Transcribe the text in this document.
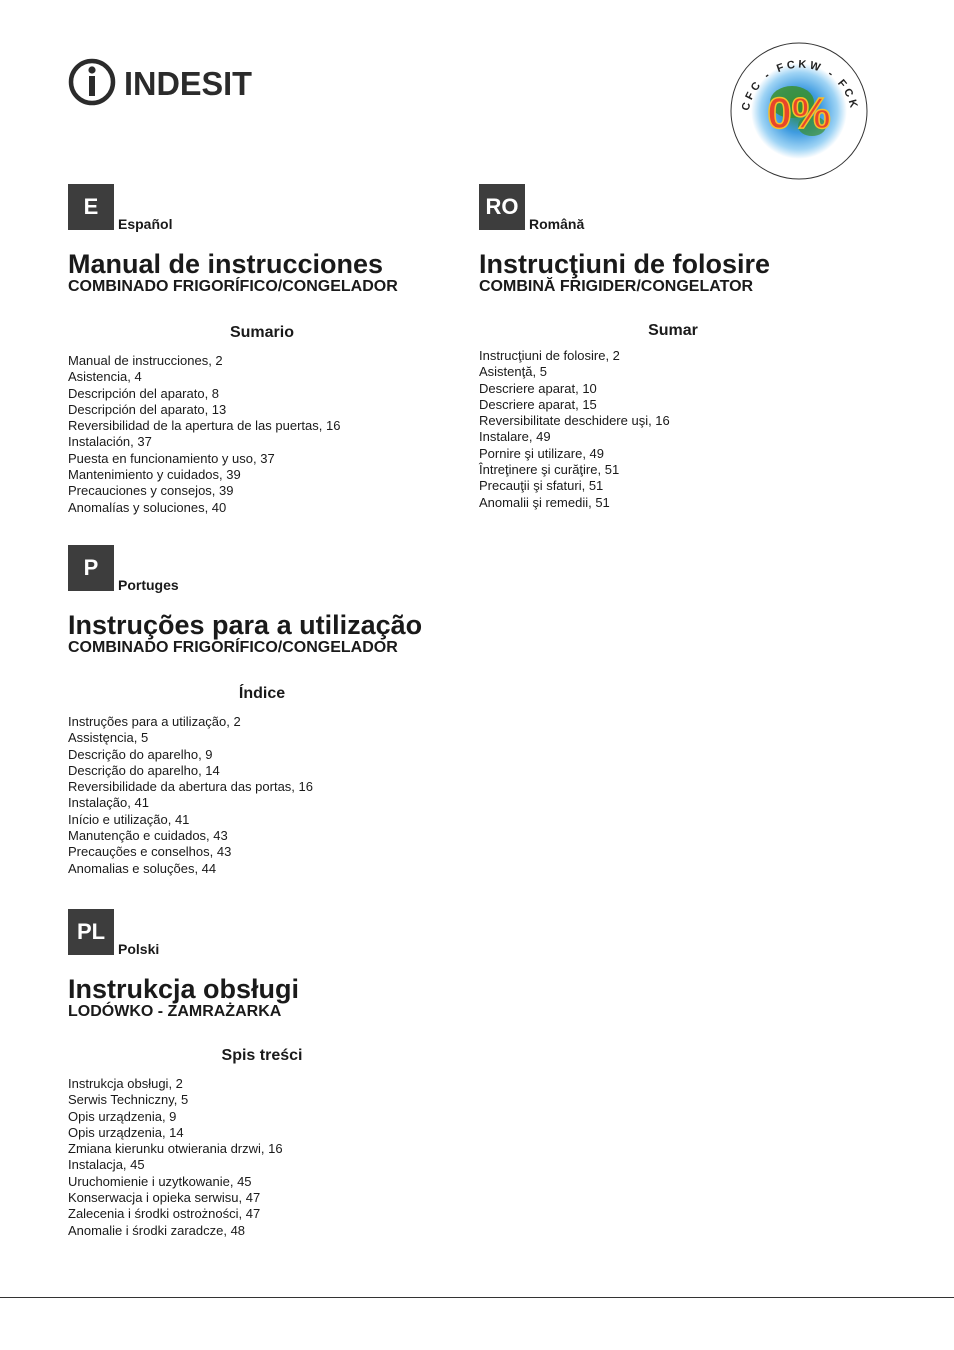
INDESIT
CFC - FCKW - FCK
0%
E
Español
Manual de instrucciones
COMBINADO FRIGORÍFICO/CONGELADOR
Sumario
Manual de instrucciones, 2
Asistencia, 4
Descripción del aparato, 8
Descripción del aparato, 13
Reversibilidad de la apertura de las puertas, 16
Instalación, 37
Puesta en funcionamiento y uso, 37
Mantenimiento y cuidados, 39
Precauciones y consejos, 39
Anomalías y soluciones, 40
RO
Română
Instrucţiuni de folosire
COMBINĂ FRIGIDER/CONGELATOR
Sumar
Instrucţiuni de folosire, 2
Asistenţă, 5
Descriere aparat, 10
Descriere aparat, 15
Reversibilitate deschidere uşi, 16
Instalare, 49
Pornire şi utilizare, 49
Întreţinere şi curăţire, 51
Precauţii şi sfaturi, 51
Anomalii şi remedii, 51
P
Portuges
Instruções para a utilização
COMBINADO FRIGORÍFICO/CONGELADOR
Índice
Instruções para a utilização, 2
Assistęncia, 5
Descrição do aparelho, 9
Descrição do aparelho, 14
Reversibilidade da abertura das portas, 16
Instalação, 41
Início e utilização, 41
Manutenção e cuidados, 43
Precauções e conselhos, 43
Anomalias e soluções, 44
PL
Polski
Instrukcja obsługi
LODÓWKO - ZAMRAŻARKA
Spis treści
Instrukcja obsługi, 2
Serwis Techniczny, 5
Opis urządzenia, 9
Opis urządzenia, 14
Zmiana kierunku otwierania drzwi, 16
Instalacja, 45
Uruchomienie i uzytkowanie, 45
Konserwacja i opieka serwisu, 47
Zalecenia i środki ostrożności, 47
Anomalie i środki zaradcze, 48
